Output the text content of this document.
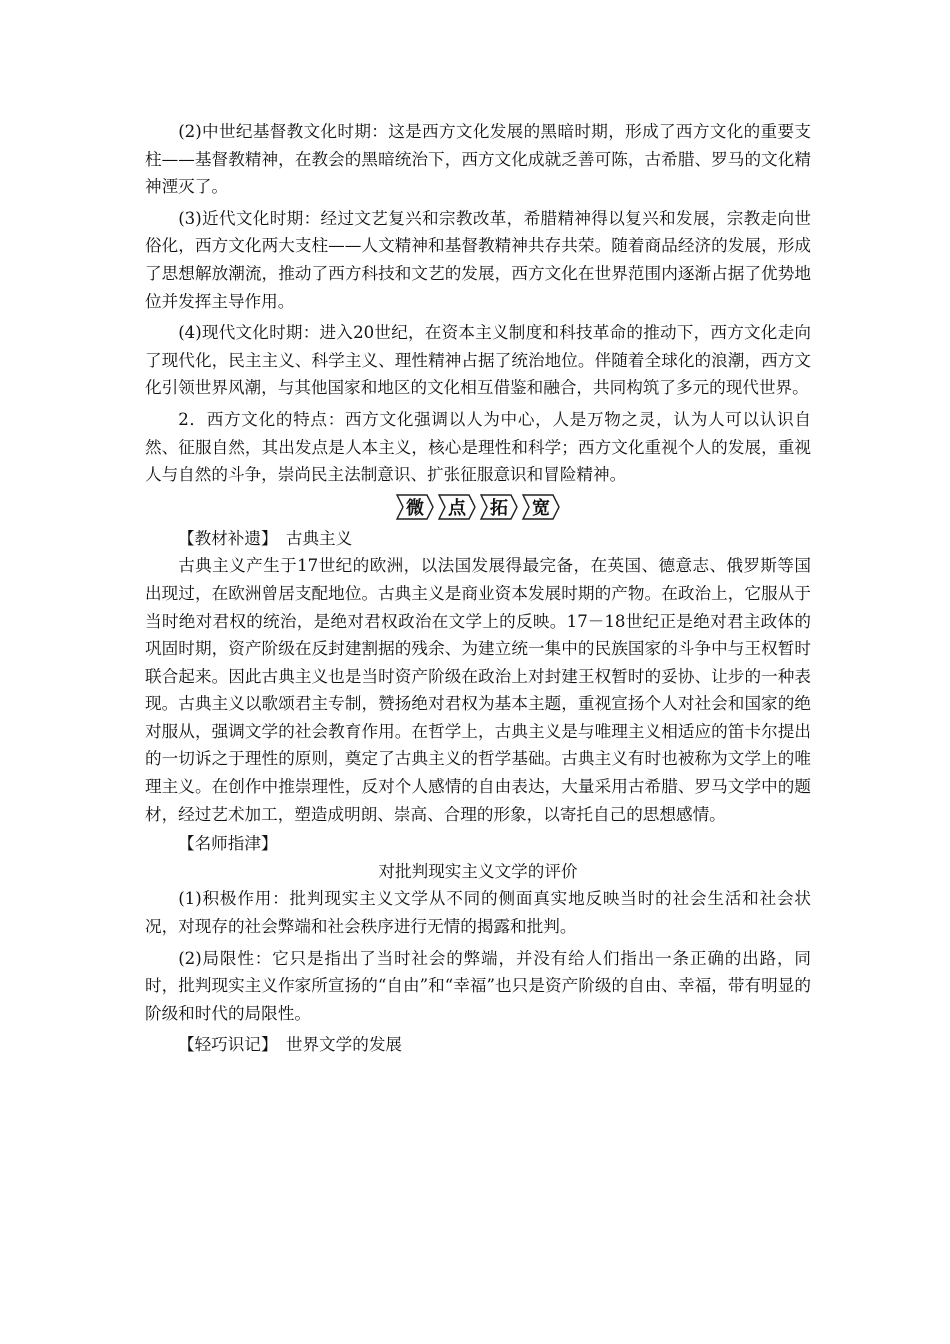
(2)中世纪基督教文化时期：这是西方文化发展的黑暗时期，形成了西方文化的重要支柱——基督教精神，在教会的黑暗统治下，西方文化成就乏善可陈，古希腊、罗马的文化精神湮灭了。

(3)近代文化时期：经过文艺复兴和宗教改革，希腊精神得以复兴和发展，宗教走向世俗化，西方文化两大支柱——人文精神和基督教精神共存共荣。随着商品经济的发展，形成了思想解放潮流，推动了西方科技和文艺的发展，西方文化在世界范围内逐渐占据了优势地位并发挥主导作用。

(4)现代文化时期：进入20世纪，在资本主义制度和科技革命的推动下，西方文化走向了现代化，民主主义、科学主义、理性精神占据了统治地位。伴随着全球化的浪潮，西方文化引领世界风潮，与其他国家和地区的文化相互借鉴和融合，共同构筑了多元的现代世界。

2．西方文化的特点：西方文化强调以人为中心，人是万物之灵，认为人可以认识自然、征服自然，其出发点是人本主义，核心是理性和科学；西方文化重视个人的发展，重视人与自然的斗争，崇尚民主法制意识、扩张征服意识和冒险精神。

微 点 拓 宽

【教材补遗】　古典主义

古典主义产生于17世纪的欧洲，以法国发展得最完备，在英国、德意志、俄罗斯等国出现过，在欧洲曾居支配地位。古典主义是商业资本发展时期的产物。在政治上，它服从于当时绝对君权的统治，是绝对君权政治在文学上的反映。17－18世纪正是绝对君主政体的巩固时期，资产阶级在反封建割据的残余、为建立统一集中的民族国家的斗争中与王权暂时联合起来。因此古典主义也是当时资产阶级在政治上对封建王权暂时的妥协、让步的一种表现。古典主义以歌颂君主专制，赞扬绝对君权为基本主题，重视宣扬个人对社会和国家的绝对服从，强调文学的社会教育作用。在哲学上，古典主义是与唯理主义相适应的笛卡尔提出的一切诉之于理性的原则，奠定了古典主义的哲学基础。古典主义有时也被称为文学上的唯理主义。在创作中推崇理性，反对个人感情的自由表达，大量采用古希腊、罗马文学中的题材，经过艺术加工，塑造成明朗、崇高、合理的形象，以寄托自己的思想感情。

【名师指津】

对批判现实主义文学的评价

(1)积极作用：批判现实主义文学从不同的侧面真实地反映当时的社会生活和社会状况，对现存的社会弊端和社会秩序进行无情的揭露和批判。

(2)局限性：它只是指出了当时社会的弊端，并没有给人们指出一条正确的出路，同时，批判现实主义作家所宣扬的“自由”和“幸福”也只是资产阶级的自由、幸福，带有明显的阶级和时代的局限性。

【轻巧识记】　世界文学的发展
